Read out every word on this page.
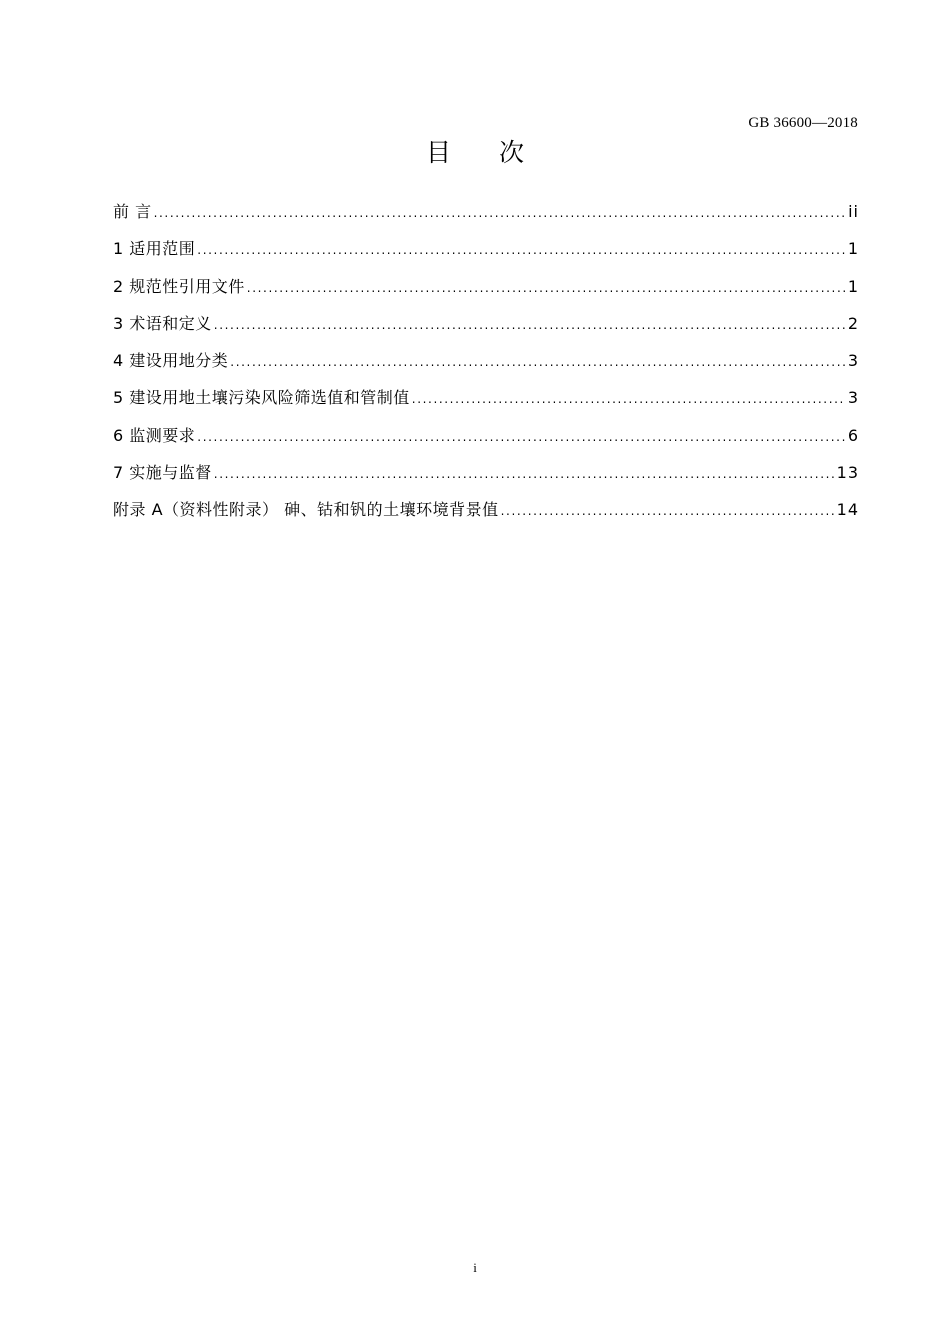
GB 36600—2018
目 次
前 言 .....	ii
1 适用范围 .....	1
2 规范性引用文件 .....	1
3 术语和定义 .....	2
4 建设用地分类 .....	3
5 建设用地土壤污染风险筛选值和管制值 .....	3
6 监测要求 .....	6
7 实施与监督 .....	13
附录 A（资料性附录） 砷、钴和钒的土壤环境背景值 .....	14
i
